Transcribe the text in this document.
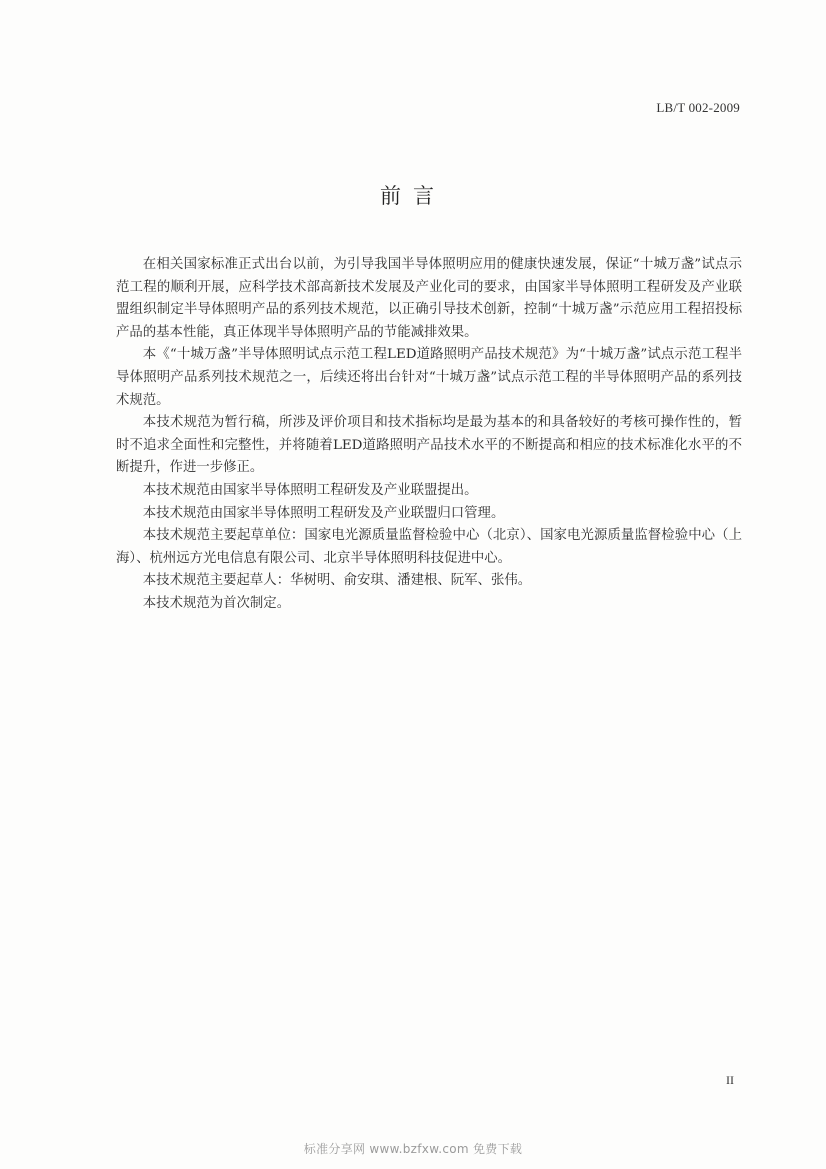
LB/T 002-2009
前言

在相关国家标准正式出台以前，为引导我国半导体照明应用的健康快速发展，保证“十城万盏”试点示范工程的顺利开展，应科学技术部高新技术发展及产业化司的要求，由国家半导体照明工程研发及产业联盟组织制定半导体照明产品的系列技术规范，以正确引导技术创新，控制“十城万盏”示范应用工程招投标产品的基本性能，真正体现半导体照明产品的节能减排效果。

本《“十城万盏”半导体照明试点示范工程LED道路照明产品技术规范》为“十城万盏”试点示范工程半导体照明产品系列技术规范之一，后续还将出台针对“十城万盏”试点示范工程的半导体照明产品的系列技术规范。

本技术规范为暂行稿，所涉及评价项目和技术指标均是最为基本的和具备较好的考核可操作性的，暂时不追求全面性和完整性，并将随着LED道路照明产品技术水平的不断提高和相应的技术标准化水平的不断提升，作进一步修正。

本技术规范由国家半导体照明工程研发及产业联盟提出。

本技术规范由国家半导体照明工程研发及产业联盟归口管理。

本技术规范主要起草单位：国家电光源质量监督检验中心（北京）、国家电光源质量监督检验中心（上海）、杭州远方光电信息有限公司、北京半导体照明科技促进中心。

本技术规范主要起草人：华树明、俞安琪、潘建根、阮军、张伟。

本技术规范为首次制定。

II
标准分享网 www.bzfxw.com 免费下载
